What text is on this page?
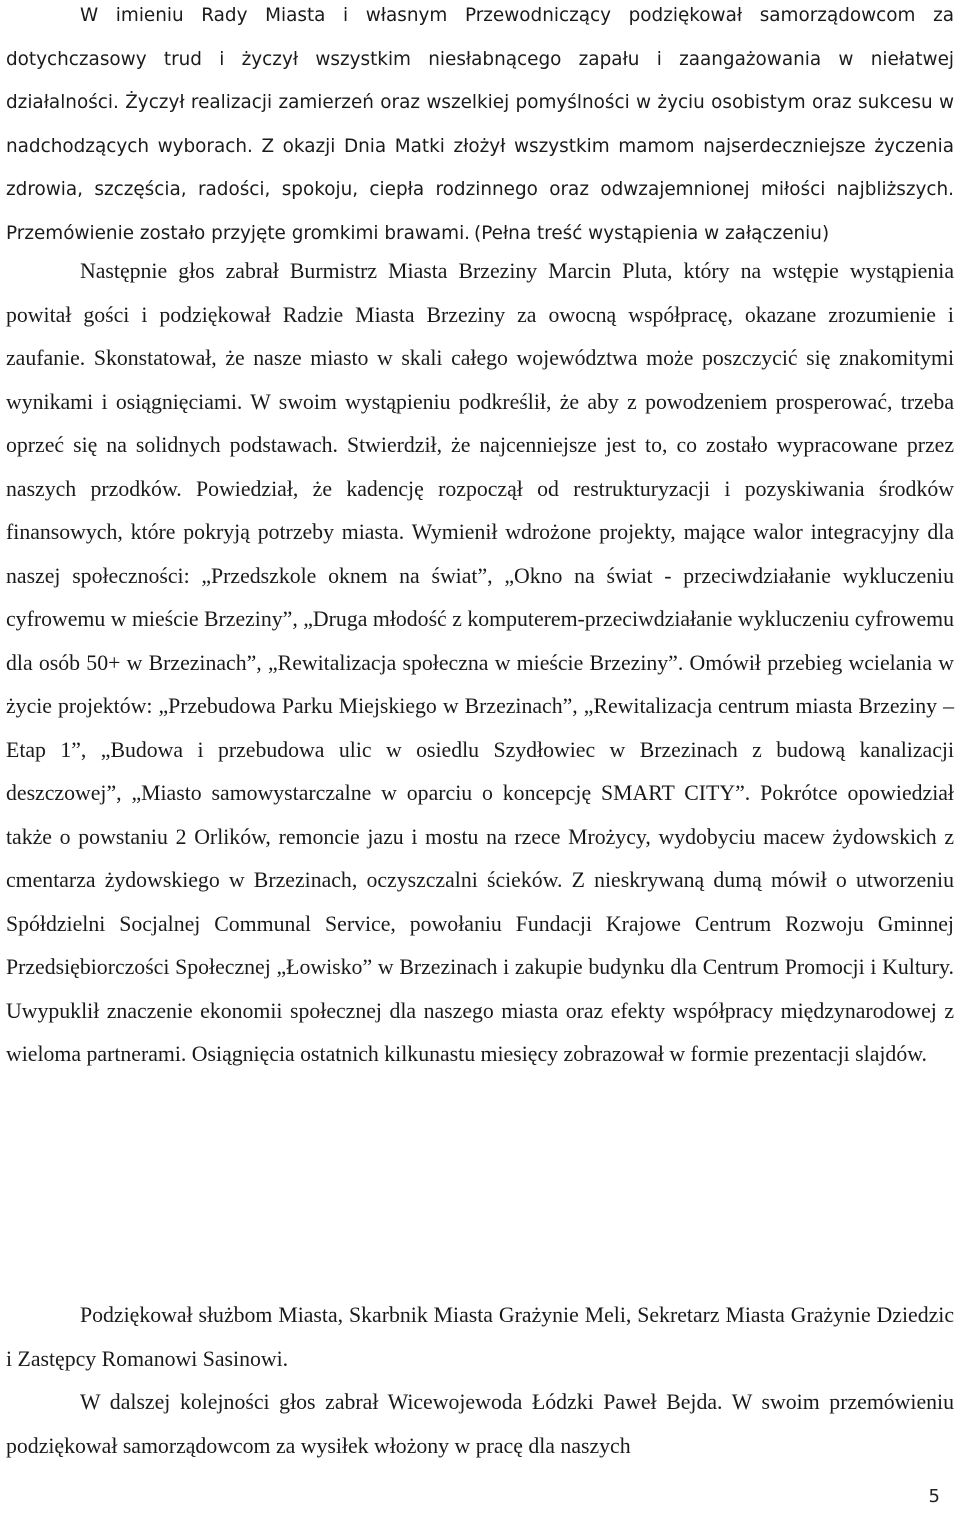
W imieniu Rady Miasta i własnym Przewodniczący podziękował samorządowcom za dotychczasowy trud i życzył wszystkim niesłabnącego zapału i zaangażowania w niełatwej działalności. Życzył realizacji zamierzeń oraz wszelkiej pomyślności w życiu osobistym oraz sukcesu w nadchodzących wyborach. Z okazji Dnia Matki złożył wszystkim mamom najserdeczniejsze życzenia zdrowia, szczęścia, radości, spokoju, ciepła rodzinnego oraz odwzajemnionej miłości najbliższych. Przemówienie zostało przyjęte gromkimi brawami. (Pełna treść wystąpienia w załączeniu)

Następnie głos zabrał Burmistrz Miasta Brzeziny Marcin Pluta, który na wstępie wystąpienia powitał gości i podziękował Radzie Miasta Brzeziny za owocną współpracę, okazane zrozumienie i zaufanie. Skonstatował, że nasze miasto w skali całego województwa może poszczycić się znakomitymi wynikami i osiągnięciami. W swoim wystąpieniu podkreślił, że aby z powodzeniem prosperować, trzeba oprzeć się na solidnych podstawach. Stwierdził, że najcenniejsze jest to, co zostało wypracowane przez naszych przodków. Powiedział, że kadencję rozpoczął od restrukturyzacji i pozyskiwania środków finansowych, które pokryją potrzeby miasta. Wymienił wdrożone projekty, mające walor integracyjny dla naszej społeczności: „Przedszkole oknem na świat”, „Okno na świat - przeciwdziałanie wykluczeniu cyfrowemu w mieście Brzeziny”, „Druga młodość z komputerem-przeciwdziałanie wykluczeniu cyfrowemu dla osób 50+ w Brzezinach”, „Rewitalizacja społeczna w mieście Brzeziny”. Omówił przebieg wcielania w życie projektów: „Przebudowa Parku Miejskiego w Brzezinach”, „Rewitalizacja centrum miasta Brzeziny – Etap 1”, „Budowa i przebudowa ulic w osiedlu Szydłowiec w Brzezinach z budową kanalizacji deszczowej”, „Miasto samowystarczalne w oparciu o koncepcję SMART CITY”. Pokrótce opowiedział także o powstaniu 2 Orlików, remoncie jazu i mostu na rzece Mrożycy, wydobyciu macew żydowskich z cmentarza żydowskiego w Brzezinach, oczyszczalni ścieków. Z nieskrywaną dumą mówił o utworzeniu Spółdzielni Socjalnej Communal Service, powołaniu Fundacji Krajowe Centrum Rozwoju Gminnej Przedsiębiorczości Społecznej „Łowisko” w Brzezinach i zakupie budynku dla Centrum Promocji i Kultury. Uwypuklił znaczenie ekonomii społecznej dla naszego miasta oraz efekty współpracy międzynarodowej z wieloma partnerami. Osiągnięcia ostatnich kilkunastu miesięcy zobrazował w formie prezentacji slajdów.

Podziękował służbom Miasta, Skarbnik Miasta Grażynie Meli, Sekretarz Miasta Grażynie Dziedzic i Zastępcy Romanowi Sasinowi.

W dalszej kolejności głos zabrał Wicewojewoda Łódzki Paweł Bejda. W swoim przemówieniu podziękował samorządowcom za wysiłek włożony w pracę dla naszych

5
